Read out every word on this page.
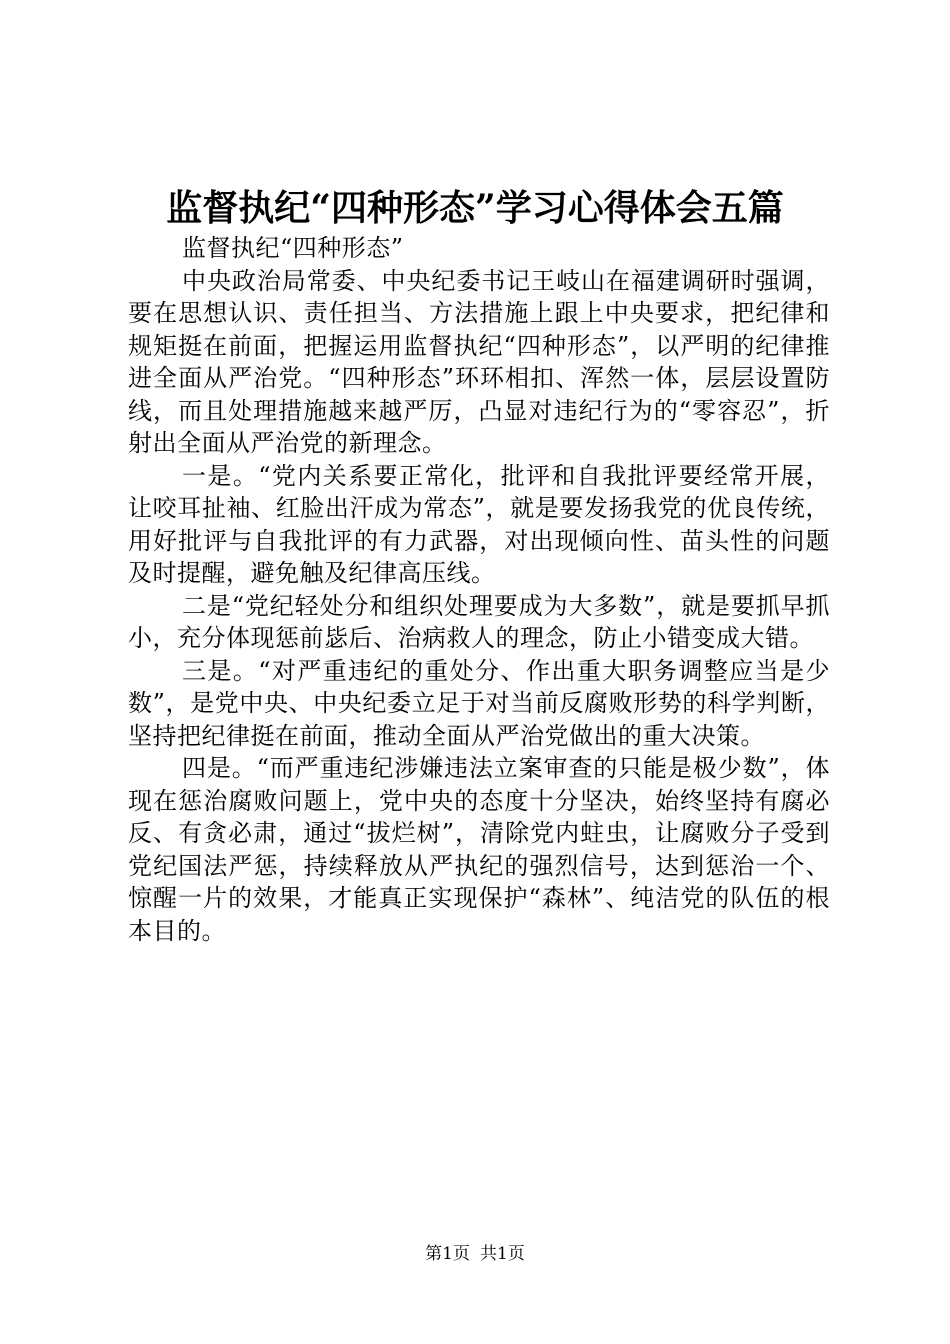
监督执纪“四种形态”学习心得体会五篇

监督执纪“四种形态”

中央政治局常委、中央纪委书记王岐山在福建调研时强调，要在思想认识、责任担当、方法措施上跟上中央要求，把纪律和规矩挺在前面，把握运用监督执纪“四种形态”，以严明的纪律推进全面从严治党。“四种形态”环环相扣、浑然一体，层层设置防线，而且处理措施越来越严厉，凸显对违纪行为的“零容忍”，折射出全面从严治党的新理念。

一是。“党内关系要正常化，批评和自我批评要经常开展，让咬耳扯袖、红脸出汗成为常态”，就是要发扬我党的优良传统，用好批评与自我批评的有力武器，对出现倾向性、苗头性的问题及时提醒，避免触及纪律高压线。

二是“党纪轻处分和组织处理要成为大多数”，就是要抓早抓小，充分体现惩前毖后、治病救人的理念，防止小错变成大错。

三是。“对严重违纪的重处分、作出重大职务调整应当是少数”，是党中央、中央纪委立足于对当前反腐败形势的科学判断，坚持把纪律挺在前面，推动全面从严治党做出的重大决策。

四是。“而严重违纪涉嫌违法立案审查的只能是极少数”，体现在惩治腐败问题上，党中央的态度十分坚决，始终坚持有腐必反、有贪必肃，通过“拔烂树”，清除党内蛀虫，让腐败分子受到党纪国法严惩，持续释放从严执纪的强烈信号，达到惩治一个、惊醒一片的效果，才能真正实现保护“森林”、纯洁党的队伍的根本目的。

第1页 共1页
